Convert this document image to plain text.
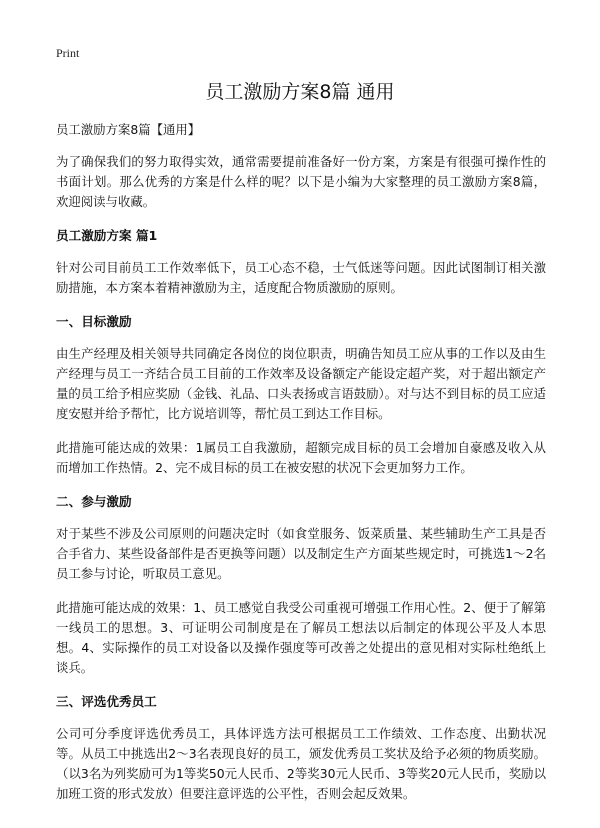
Print
员工激励方案8篇 通用

员工激励方案8篇【通用】

为了确保我们的努力取得实效，通常需要提前准备好一份方案，方案是有很强可操作性的书面计划。那么优秀的方案是什么样的呢？以下是小编为大家整理的员工激励方案8篇，欢迎阅读与收藏。

员工激励方案 篇1

针对公司目前员工工作效率低下，员工心态不稳，士气低迷等问题。因此试图制订相关激励措施，本方案本着精神激励为主，适度配合物质激励的原则。

一、目标激励

由生产经理及相关领导共同确定各岗位的岗位职责，明确告知员工应从事的工作以及由生产经理与员工一齐结合员工目前的工作效率及设备额定产能设定超产奖，对于超出额定产量的员工给予相应奖励（金钱、礼品、口头表扬或言语鼓励）。对与达不到目标的员工应适度安慰并给予帮忙，比方说培训等，帮忙员工到达工作目标。

此措施可能达成的效果：1属员工自我激励，超额完成目标的员工会增加自豪感及收入从而增加工作热情。2、完不成目标的员工在被安慰的状况下会更加努力工作。

二、参与激励

对于某些不涉及公司原则的问题决定时（如食堂服务、饭菜质量、某些辅助生产工具是否合手省力、某些设备部件是否更换等问题）以及制定生产方面某些规定时，可挑选1～2名员工参与讨论，听取员工意见。

此措施可能达成的效果：1、员工感觉自我受公司重视可增强工作用心性。2、便于了解第一线员工的思想。3、可证明公司制度是在了解员工想法以后制定的体现公平及人本思想。4、实际操作的员工对设备以及操作强度等可改善之处提出的意见相对实际杜绝纸上谈兵。

三、评选优秀员工

公司可分季度评选优秀员工，具体评选方法可根据员工工作绩效、工作态度、出勤状况等。从员工中挑选出2～3名表现良好的员工，颁发优秀员工奖状及给予必须的物质奖励。（以3名为列奖励可为1等奖50元人民币、2等奖30元人民币、3等奖20元人民币，奖励以加班工资的形式发放）但要注意评选的公平性，否则会起反效果。
